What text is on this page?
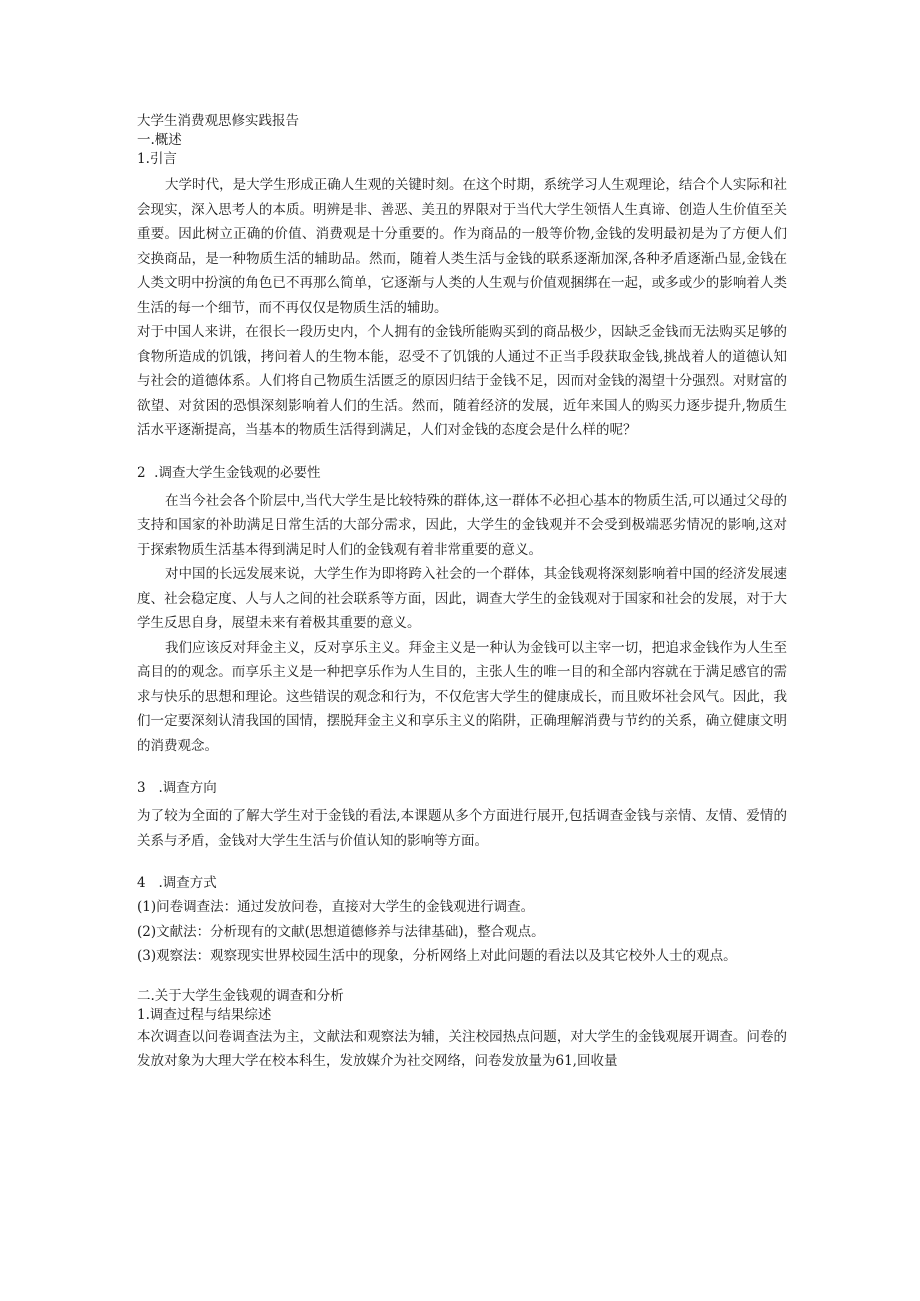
大学生消费观思修实践报告

一.概述

1.引言

大学时代，是大学生形成正确人生观的关键时刻。在这个时期，系统学习人生观理论，结合个人实际和社会现实，深入思考人的本质。明辨是非、善恶、美丑的界限对于当代大学生领悟人生真谛、创造人生价值至关重要。因此树立正确的价值、消费观是十分重要的。作为商品的一般等价物,金钱的发明最初是为了方便人们交换商品，是一种物质生活的辅助品。然而，随着人类生活与金钱的联系逐渐加深,各种矛盾逐渐凸显,金钱在人类文明中扮演的角色已不再那么简单，它逐渐与人类的人生观与价值观捆绑在一起，或多或少的影响着人类生活的每一个细节，而不再仅仅是物质生活的辅助。

对于中国人来讲，在很长一段历史内，个人拥有的金钱所能购买到的商品极少，因缺乏金钱而无法购买足够的食物所造成的饥饿，拷问着人的生物本能，忍受不了饥饿的人通过不正当手段获取金钱,挑战着人的道德认知与社会的道德体系。人们将自己物质生活匮乏的原因归结于金钱不足，因而对金钱的渴望十分强烈。对财富的欲望、对贫困的恐惧深刻影响着人们的生活。然而，随着经济的发展，近年来国人的购买力逐步提升,物质生活水平逐渐提高，当基本的物质生活得到满足，人们对金钱的态度会是什么样的呢？

2  .调查大学生金钱观的必要性

在当今社会各个阶层中,当代大学生是比较特殊的群体,这一群体不必担心基本的物质生活,可以通过父母的支持和国家的补助满足日常生活的大部分需求，因此，大学生的金钱观并不会受到极端恶劣情况的影响,这对于探索物质生活基本得到满足时人们的金钱观有着非常重要的意义。

对中国的长远发展来说，大学生作为即将跨入社会的一个群体，其金钱观将深刻影响着中国的经济发展速度、社会稳定度、人与人之间的社会联系等方面，因此，调查大学生的金钱观对于国家和社会的发展，对于大学生反思自身，展望未来有着极其重要的意义。

我们应该反对拜金主义，反对享乐主义。拜金主义是一种认为金钱可以主宰一切，把追求金钱作为人生至高目的的观念。而享乐主义是一种把享乐作为人生目的，主张人生的唯一目的和全部内容就在于满足感官的需求与快乐的思想和理论。这些错误的观念和行为，不仅危害大学生的健康成长，而且败坏社会风气。因此，我们一定要深刻认清我国的国情，摆脱拜金主义和享乐主义的陷阱，正确理解消费与节约的关系，确立健康文明的消费观念。

3   .调查方向

为了较为全面的了解大学生对于金钱的看法,本课题从多个方面进行展开,包括调查金钱与亲情、友情、爱情的关系与矛盾，金钱对大学生生活与价值认知的影响等方面。

4   .调查方式

(1)问卷调查法：通过发放问卷，直接对大学生的金钱观进行调查。

(2)文献法：分析现有的文献(思想道德修养与法律基础)，整合观点。

(3)观察法：观察现实世界校园生活中的现象，分析网络上对此问题的看法以及其它校外人士的观点。

二.关于大学生金钱观的调查和分析

1.调查过程与结果综述

本次调查以问卷调查法为主，文献法和观察法为辅，关注校园热点问题，对大学生的金钱观展开调查。问卷的发放对象为大理大学在校本科生，发放媒介为社交网络，问卷发放量为61,回收量
